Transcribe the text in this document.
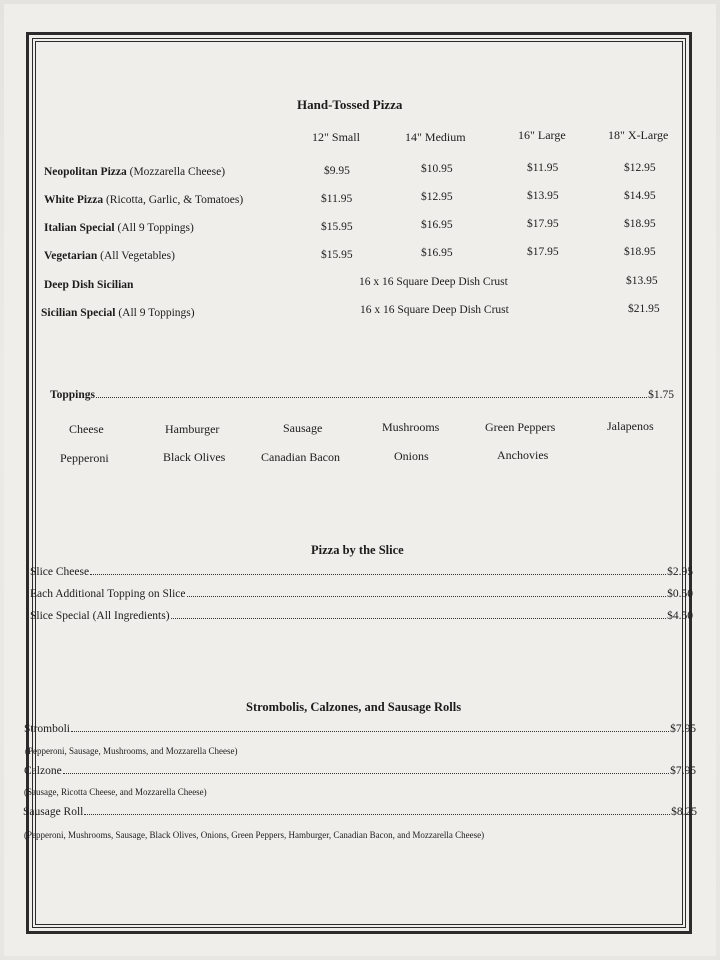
Hand-Tossed Pizza
12" Small	14" Medium	16" Large	18" X-Large
Neopolitan Pizza (Mozzarella Cheese)	$9.95	$10.95	$11.95	$12.95
White Pizza (Ricotta, Garlic, & Tomatoes)	$11.95	$12.95	$13.95	$14.95
Italian Special (All 9 Toppings)	$15.95	$16.95	$17.95	$18.95
Vegetarian (All Vegetables)	$15.95	$16.95	$17.95	$18.95
Deep Dish Sicilian	16 x 16 Square Deep Dish Crust	$13.95
Sicilian Special (All 9 Toppings)	16 x 16 Square Deep Dish Crust	$21.95
Toppings	$1.75
Cheese	Hamburger	Sausage	Mushrooms	Green Peppers	Jalapenos
Pepperoni	Black Olives	Canadian Bacon	Onions	Anchovies
Pizza by the Slice
Slice Cheese	$2.95
Each Additional Topping on Slice	$0.50
Slice Special (All Ingredients)	$4.50
Strombolis, Calzones, and Sausage Rolls
Stromboli	$7.95
(Pepperoni, Sausage, Mushrooms, and Mozzarella Cheese)
Calzone	$7.95
(Sausage, Ricotta Cheese, and Mozzarella Cheese)
Sausage Roll	$8.25
(Pepperoni, Mushrooms, Sausage, Black Olives, Onions, Green Peppers, Hamburger, Canadian Bacon, and Mozzarella Cheese)
